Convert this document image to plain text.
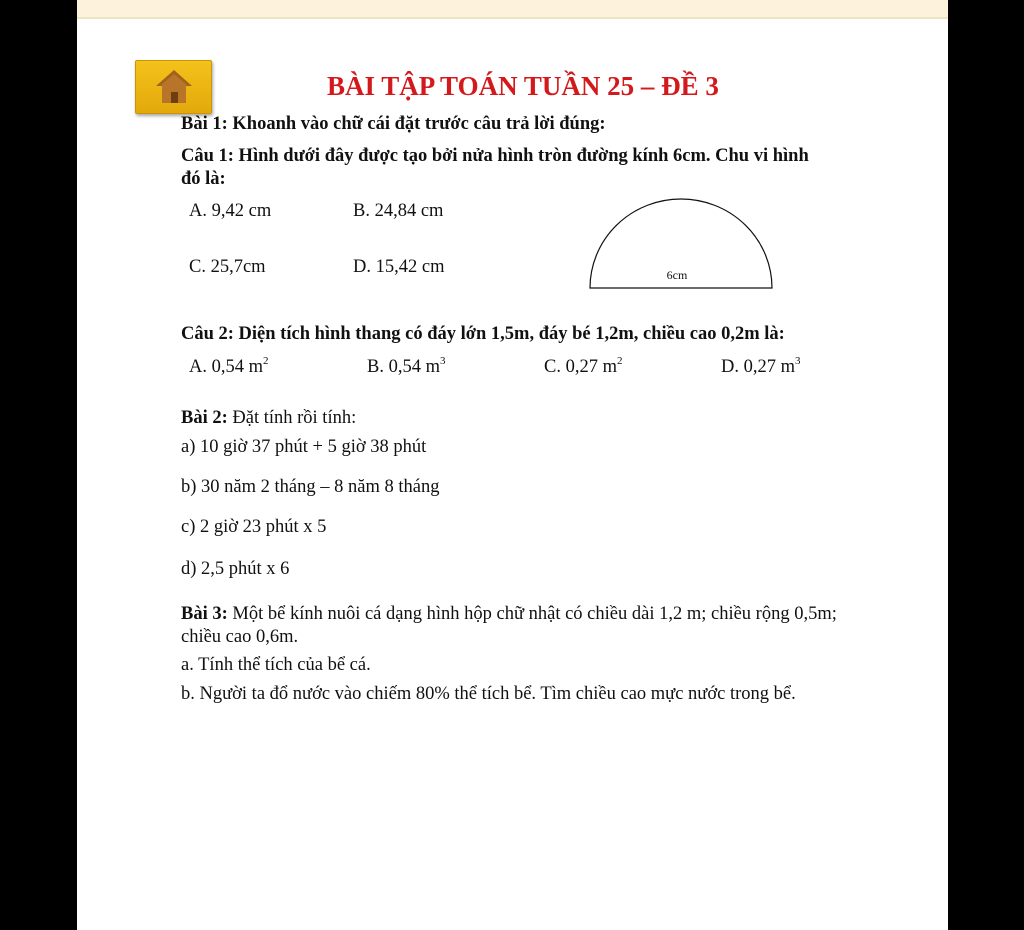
BÀI TẬP TOÁN TUẦN 25 – ĐỀ 3
Bài 1: Khoanh vào chữ cái đặt trước câu trả lời đúng:
Câu 1: Hình dưới đây được tạo bởi nửa hình tròn đường kính 6cm. Chu vi hình
đó là:
A. 9,42 cm	B. 24,84 cm
C. 25,7cm	D. 15,42 cm	6cm
Câu 2: Diện tích hình thang có đáy lớn 1,5m, đáy bé 1,2m, chiều cao 0,2m là:
A. 0,54 $m^2$	B. 0,54 $m^3$	C. 0,27 $m^2$	D. 0,27 $m^3$
Bài 2: Đặt tính rồi tính:
a) 10 giờ 37 phút + 5 giờ 38 phút
b) 30 năm 2 tháng – 8 năm 8 tháng
c) 2 giờ 23 phút x 5
d) 2,5 phút x 6
Bài 3: Một bể kính nuôi cá dạng hình hộp chữ nhật có chiều dài 1,2 m; chiều rộng 0,5m;
chiều cao 0,6m.
a. Tính thể tích của bể cá.
b. Người ta đổ nước vào chiếm 80% thể tích bể. Tìm chiều cao mực nước trong bể.
